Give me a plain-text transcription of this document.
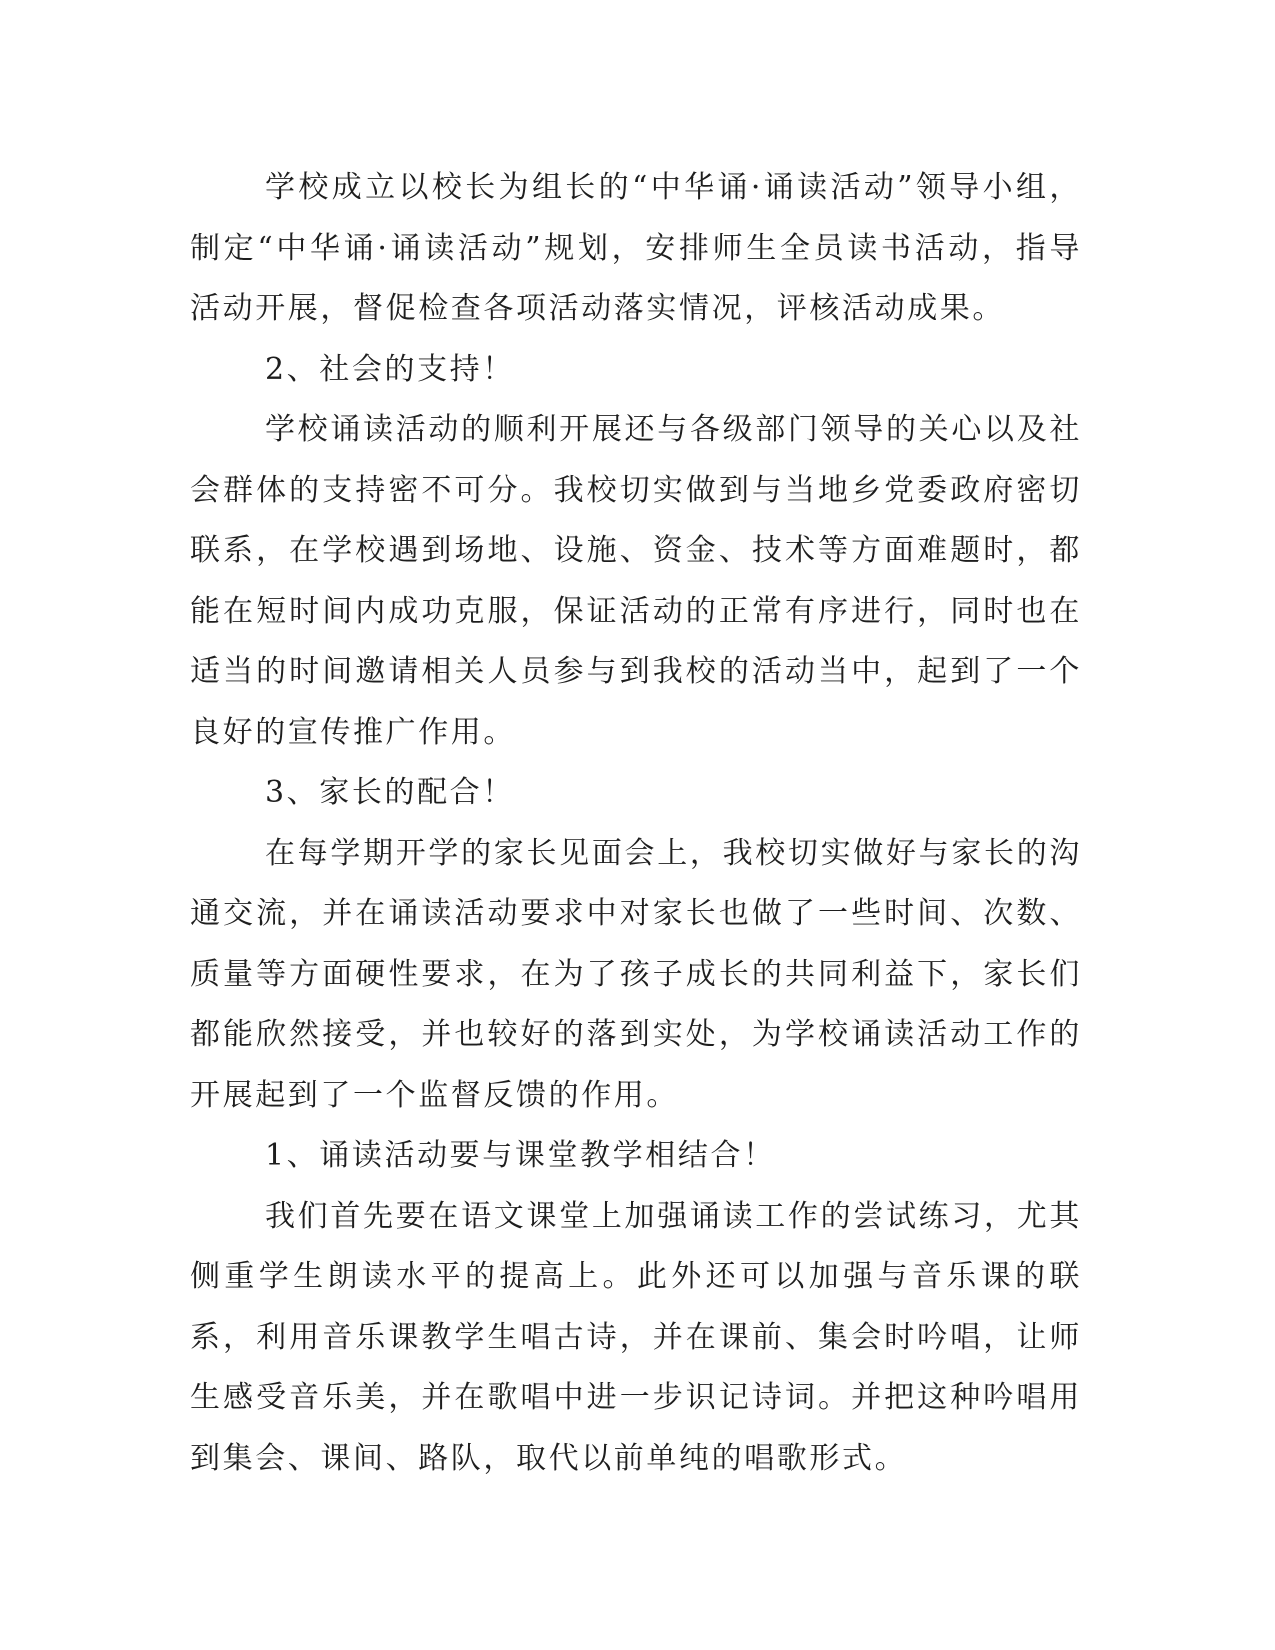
学校成立以校长为组长的“中华诵·诵读活动”领导小组，制定“中华诵·诵读活动”规划，安排师生全员读书活动，指导活动开展，督促检查各项活动落实情况，评核活动成果。

2、社会的支持！

学校诵读活动的顺利开展还与各级部门领导的关心以及社会群体的支持密不可分。我校切实做到与当地乡党委政府密切联系，在学校遇到场地、设施、资金、技术等方面难题时，都能在短时间内成功克服，保证活动的正常有序进行，同时也在适当的时间邀请相关人员参与到我校的活动当中，起到了一个良好的宣传推广作用。

3、家长的配合！

在每学期开学的家长见面会上，我校切实做好与家长的沟通交流，并在诵读活动要求中对家长也做了一些时间、次数、质量等方面硬性要求，在为了孩子成长的共同利益下，家长们都能欣然接受，并也较好的落到实处，为学校诵读活动工作的开展起到了一个监督反馈的作用。

1、诵读活动要与课堂教学相结合！

我们首先要在语文课堂上加强诵读工作的尝试练习，尤其侧重学生朗读水平的提高上。此外还可以加强与音乐课的联系，利用音乐课教学生唱古诗，并在课前、集会时吟唱，让师生感受音乐美，并在歌唱中进一步识记诗词。并把这种吟唱用到集会、课间、路队，取代以前单纯的唱歌形式。
